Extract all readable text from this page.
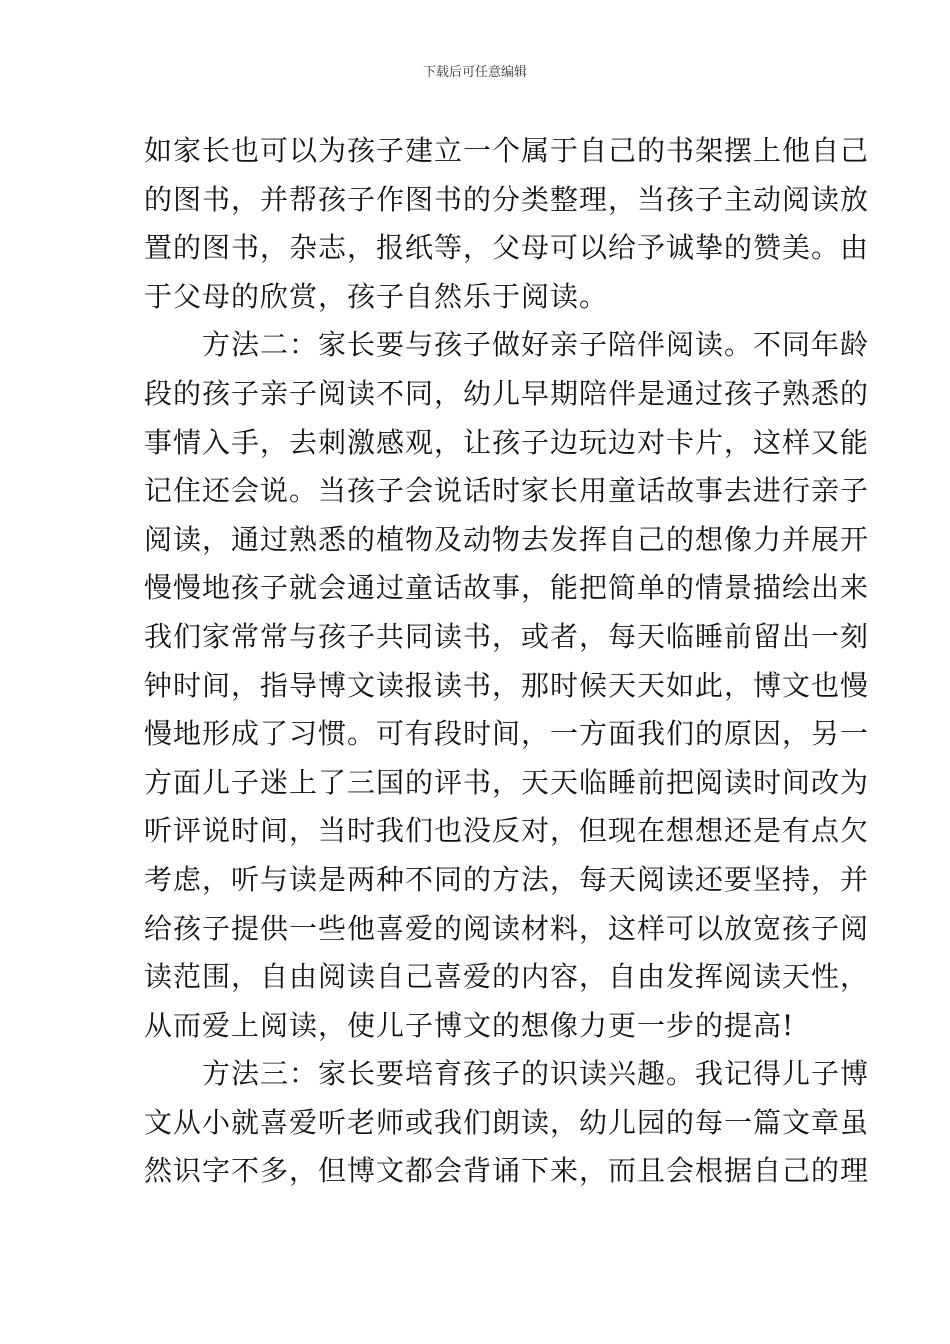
下载后可任意编辑
如家长也可以为孩子建立一个属于自己的书架摆上他自己
的图书，并帮孩子作图书的分类整理，当孩子主动阅读放
置的图书，杂志，报纸等，父母可以给予诚挚的赞美。由
于父母的欣赏，孩子自然乐于阅读。
　　方法二：家长要与孩子做好亲子陪伴阅读。不同年龄
段的孩子亲子阅读不同，幼儿早期陪伴是通过孩子熟悉的
事情入手，去刺激感观，让孩子边玩边对卡片，这样又能
记住还会说。当孩子会说话时家长用童话故事去进行亲子
阅读，通过熟悉的植物及动物去发挥自己的想像力并展开
慢慢地孩子就会通过童话故事，能把简单的情景描绘出来
我们家常常与孩子共同读书，或者，每天临睡前留出一刻
钟时间，指导博文读报读书，那时候天天如此，博文也慢
慢地形成了习惯。可有段时间，一方面我们的原因，另一
方面儿子迷上了三国的评书，天天临睡前把阅读时间改为
听评说时间，当时我们也没反对，但现在想想还是有点欠
考虑，听与读是两种不同的方法，每天阅读还要坚持，并
给孩子提供一些他喜爱的阅读材料，这样可以放宽孩子阅
读范围，自由阅读自己喜爱的内容，自由发挥阅读天性，
从而爱上阅读，使儿子博文的想像力更一步的提高!
　　方法三：家长要培育孩子的识读兴趣。我记得儿子博
文从小就喜爱听老师或我们朗读，幼儿园的每一篇文章虽
然识字不多，但博文都会背诵下来，而且会根据自己的理
